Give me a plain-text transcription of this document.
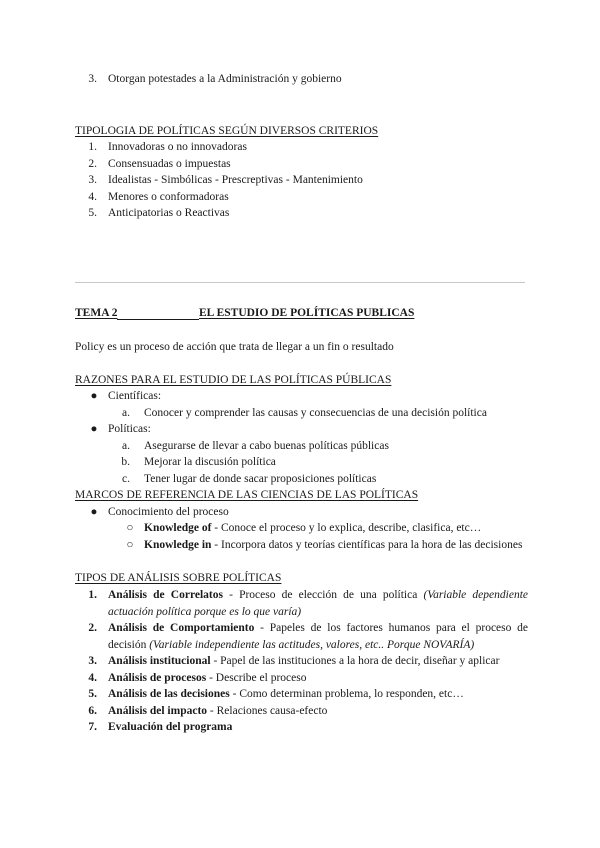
3. Otorgan potestades a la Administración y gobierno
TIPOLOGIA DE POLÍTICAS SEGÚN DIVERSOS CRITERIOS
1. Innovadoras o no innovadoras
2. Consensuadas o impuestas
3. Idealistas - Simbólicas - Prescreptivas - Mantenimiento
4. Menores o conformadoras
5. Anticipatorias o Reactivas
TEMA 2	EL ESTUDIO DE POLÍTICAS PUBLICAS
Policy es un proceso de acción que trata de llegar a un fin o resultado
RAZONES PARA EL ESTUDIO DE LAS POLÍTICAS PÚBLICAS
● Científicas:
a. Conocer y comprender las causas y consecuencias de una decisión política
● Políticas:
a. Asegurarse de llevar a cabo buenas políticas públicas
b. Mejorar la discusión política
c. Tener lugar de donde sacar proposiciones políticas
MARCOS DE REFERENCIA DE LAS CIENCIAS DE LAS POLÍTICAS
● Conocimiento del proceso
○ Knowledge of - Conoce el proceso y lo explica, describe, clasifica, etc…
○ Knowledge in - Incorpora datos y teorías científicas para la hora de las decisiones
TIPOS DE ANÁLISIS SOBRE POLÍTICAS
1. Análisis de Correlatos - Proceso de elección de una política (Variable dependiente actuación política porque es lo que varía)
2. Análisis de Comportamiento - Papeles de los factores humanos para el proceso de decisión (Variable independiente las actitudes, valores, etc.. Porque NOVARÍA)
3. Análisis institucional - Papel de las instituciones a la hora de decir, diseñar y aplicar
4. Análisis de procesos - Describe el proceso
5. Análisis de las decisiones - Como determinan problema, lo responden, etc…
6. Análisis del impacto - Relaciones causa-efecto
7. Evaluación del programa
